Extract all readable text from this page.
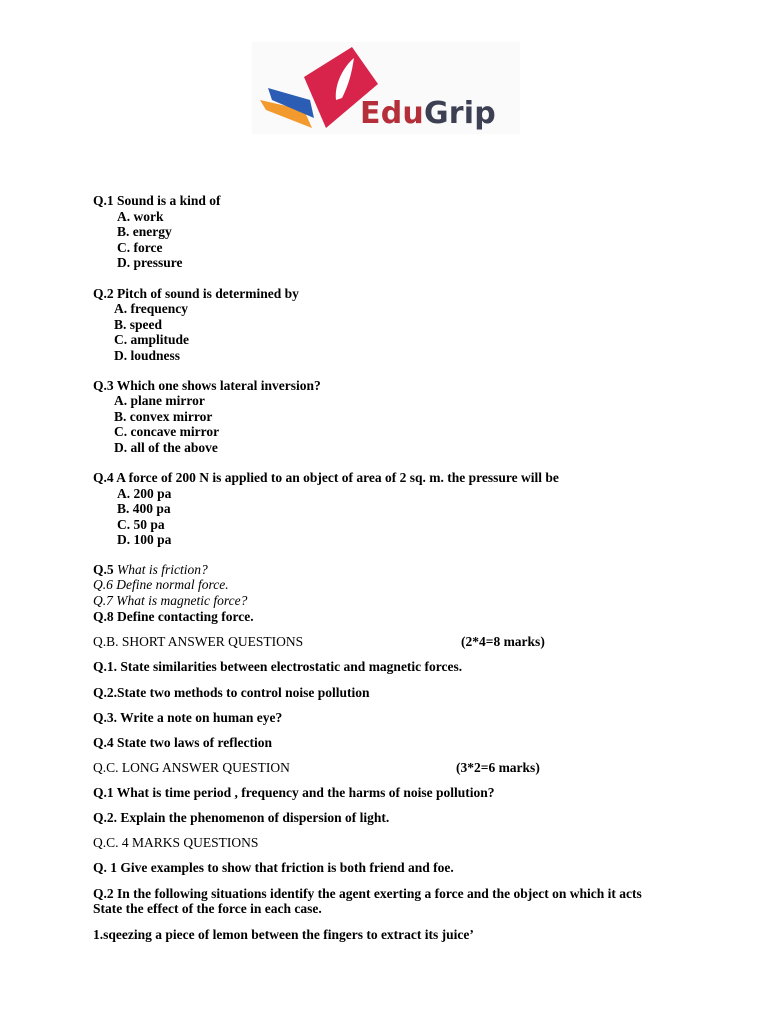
EduGrip
Q.1 Sound is a kind of
A. work
B. energy
C. force
D. pressure
Q.2 Pitch of sound is determined by
A. frequency
B. speed
C. amplitude
D. loudness
Q.3 Which one shows lateral inversion?
A. plane mirror
B. convex mirror
C. concave mirror
D. all of the above
Q.4 A force of 200 N is applied to an object of area of 2 sq. m. the pressure will be
A. 200 pa
B. 400 pa
C. 50 pa
D. 100 pa
Q.5 What is friction?
Q.6 Define normal force.
Q.7 What is magnetic force?
Q.8 Define contacting force.
Q.B. SHORT ANSWER QUESTIONS	(2*4=8 marks)
Q.1. State similarities between electrostatic and magnetic forces.
Q.2.State two methods to control noise pollution
Q.3. Write a note on human eye?
Q.4 State two laws of reflection
Q.C. LONG ANSWER QUESTION	(3*2=6 marks)
Q.1 What is time period , frequency and the harms of noise pollution?
Q.2. Explain the phenomenon of dispersion of light.
Q.C. 4 MARKS QUESTIONS
Q. 1 Give examples to show that friction is both friend and foe.
Q.2 In the following situations identify the agent exerting a force and the object on which it acts
State the effect of the force in each case.
1.sqeezing a piece of lemon between the fingers to extract its juice’
